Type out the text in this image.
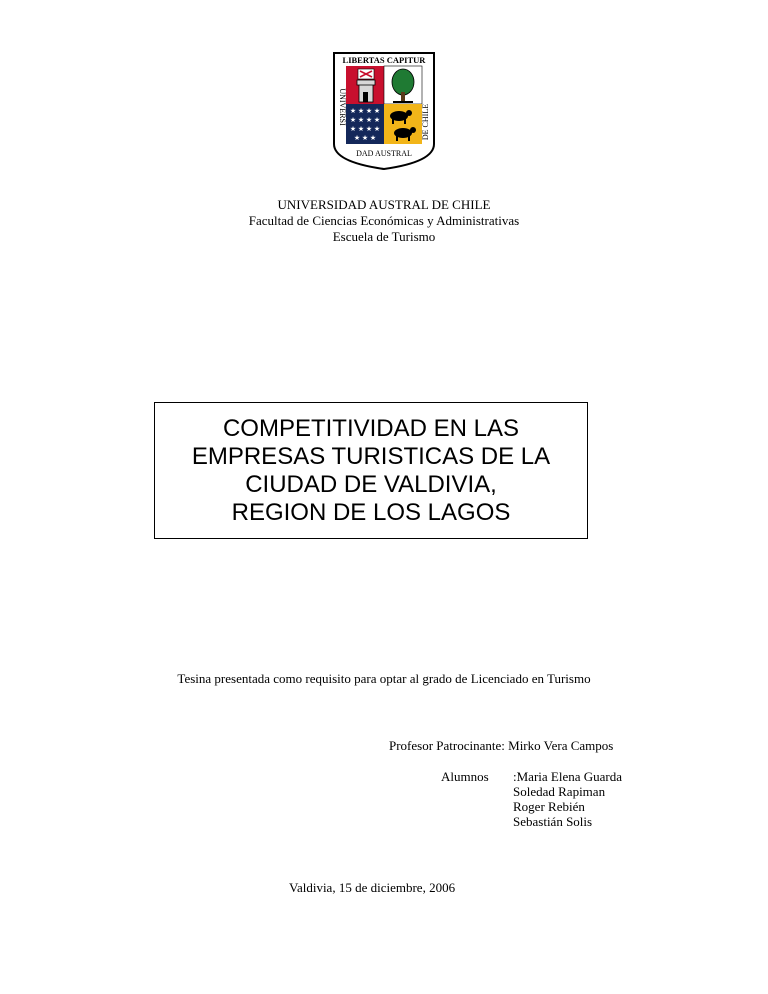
LIBERTAS CAPITUR
★ ★ ★ ★
★ ★ ★ ★
★ ★ ★ ★
★ ★ ★
UNIVERSI	DE CHILE
DAD AUSTRAL
UNIVERSIDAD AUSTRAL DE CHILE
Facultad de Ciencias Económicas y Administrativas
Escuela de Turismo
COMPETITIVIDAD EN LAS
EMPRESAS TURISTICAS DE LA
CIUDAD DE VALDIVIA,
REGION DE LOS LAGOS
Tesina presentada como requisito para optar al grado de Licenciado en Turismo
Profesor Patrocinante: Mirko Vera Campos
Alumnos :Maria Elena Guarda
Soledad Rapiman
Roger Rebién
Sebastián Solis
Valdivia, 15 de diciembre, 2006
